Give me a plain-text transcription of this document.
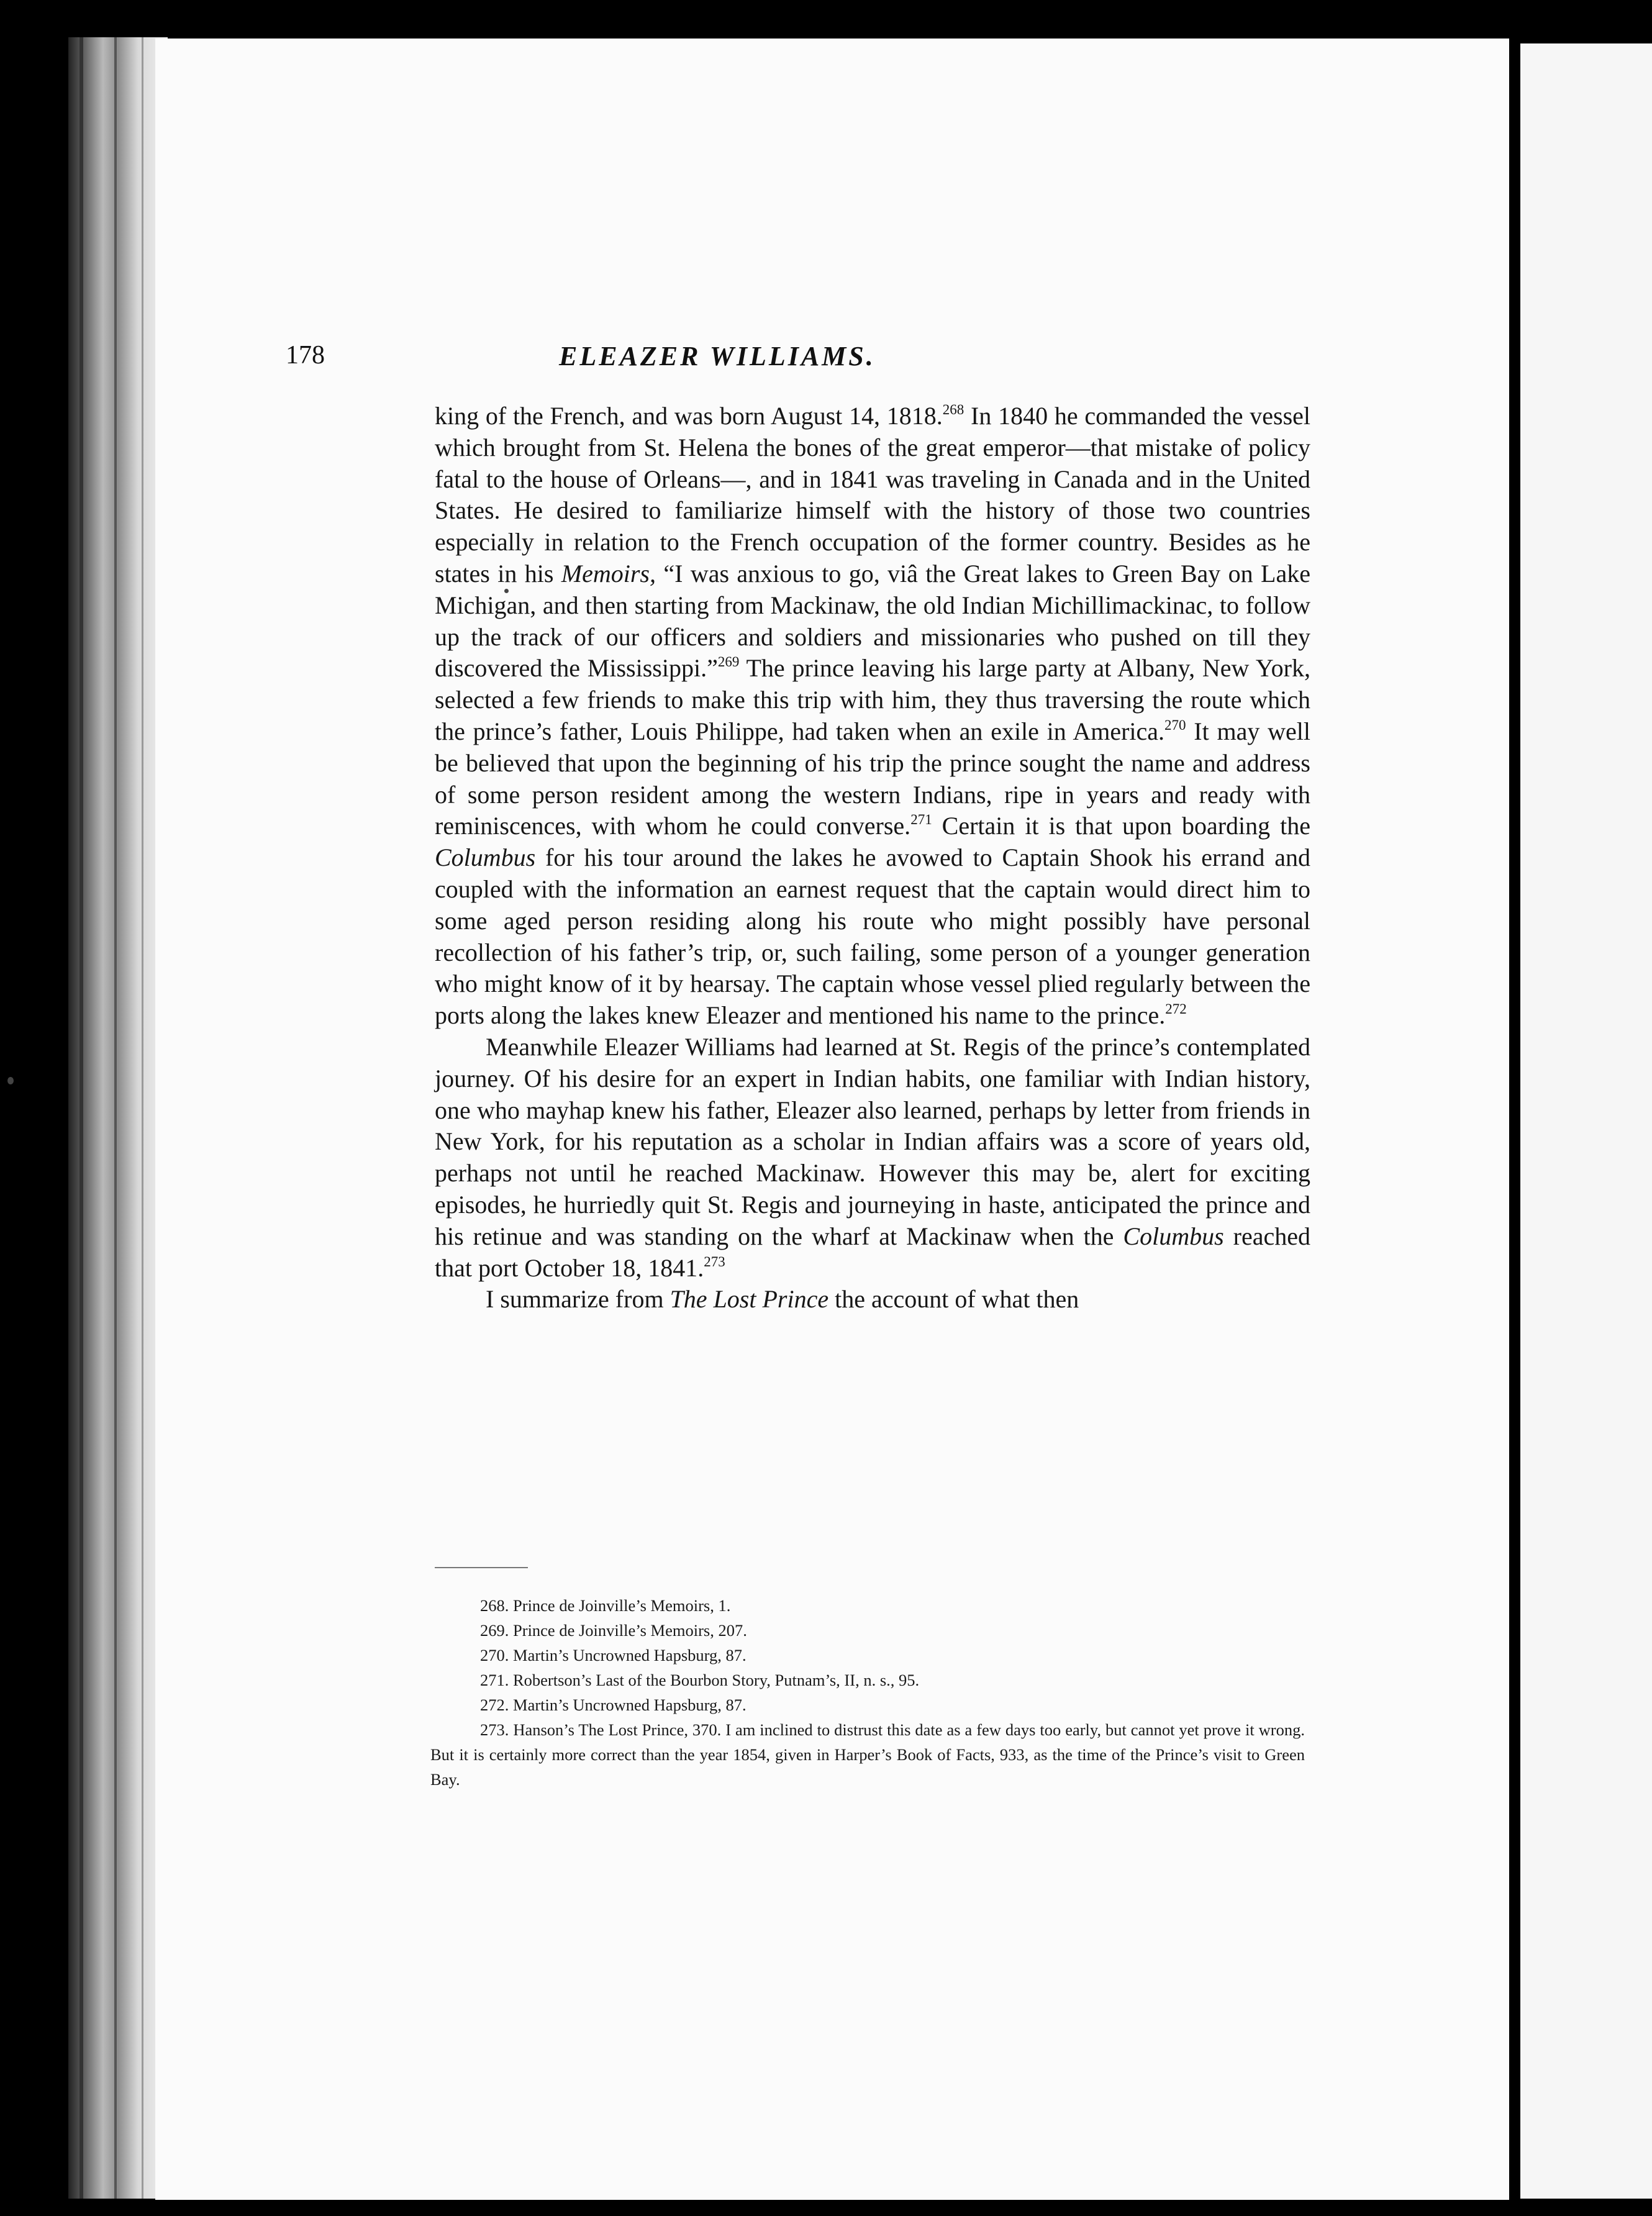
178	ELEAZER WILLIAMS.

king of the French, and was born August 14, 1818.$^{268}$ In 1840 he commanded the vessel which brought from St. Helena the bones of the great emperor—that mistake of policy fatal to the house of Orleans—, and in 1841 was traveling in Canada and in the United States. He desired to familiarize himself with the history of those two countries especially in relation to the French occupation of the former country. Besides as he states in his Memoirs, “I was anxious to go, viâ the Great lakes to Green Bay on Lake Michigan, and then starting from Mackinaw, the old Indian Michillimackinac, to follow up the track of our officers and soldiers and missionaries who pushed on till they discovered the Mississippi.”$^{269}$ The prince leaving his large party at Albany, New York, selected a few friends to make this trip with him, they thus traversing the route which the prince’s father, Louis Philippe, had taken when an exile in America.$^{270}$ It may well be believed that upon the beginning of his trip the prince sought the name and address of some person resident among the western Indians, ripe in years and ready with reminiscences, with whom he could converse.$^{271}$ Certain it is that upon boarding the Columbus for his tour around the lakes he avowed to Captain Shook his errand and coupled with the information an earnest request that the captain would direct him to some aged person residing along his route who might possibly have personal recollection of his father’s trip, or, such failing, some person of a younger generation who might know of it by hearsay. The captain whose vessel plied regularly between the ports along the lakes knew Eleazer and mentioned his name to the prince.$^{272}$

Meanwhile Eleazer Williams had learned at St. Regis of the prince’s contemplated journey. Of his desire for an expert in Indian habits, one familiar with Indian history, one who mayhap knew his father, Eleazer also learned, perhaps by letter from friends in New York, for his reputation as a scholar in Indian affairs was a score of years old, perhaps not until he reached Mackinaw. However this may be, alert for exciting episodes, he hurriedly quit St. Regis and journeying in haste, anticipated the prince and his retinue and was standing on the wharf at Mackinaw when the Columbus reached that port October 18, 1841.$^{273}$

I summarize from The Lost Prince the account of what then

268. Prince de Joinville’s Memoirs, 1.

269. Prince de Joinville’s Memoirs, 207.

270. Martin’s Uncrowned Hapsburg, 87.

271. Robertson’s Last of the Bourbon Story, Putnam’s, II, n. s., 95.

272. Martin’s Uncrowned Hapsburg, 87.

273. Hanson’s The Lost Prince, 370. I am inclined to distrust this date as a few days too early, but cannot yet prove it wrong. But it is certainly more correct than the year 1854, given in Harper’s Book of Facts, 933, as the time of the Prince’s visit to Green Bay.
